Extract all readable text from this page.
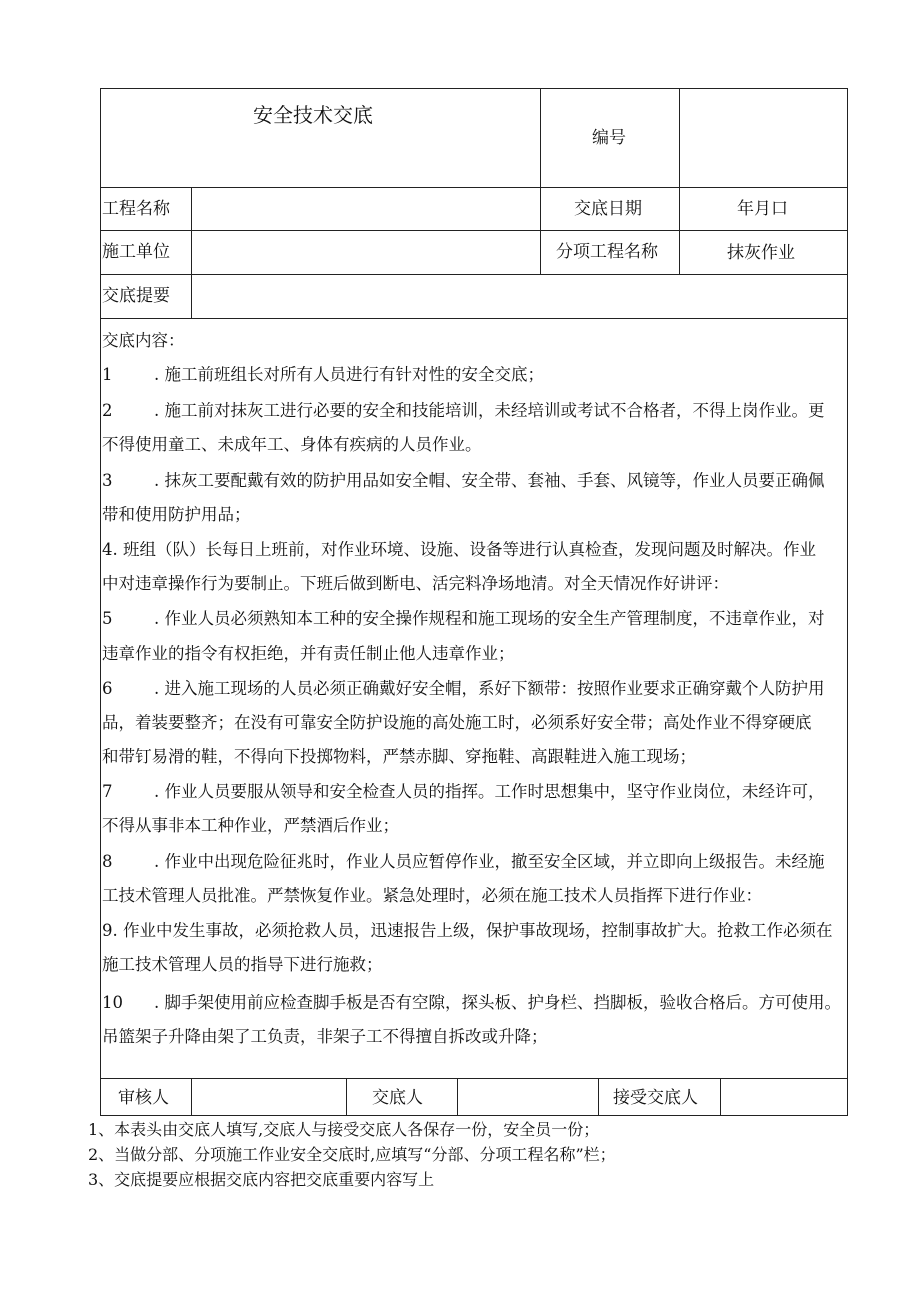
安全技术交底
编号
工程名称	交底日期	年月口
施工单位	分项工程名称	抹灰作业
交底提要
交底内容：
1	. 施工前班组长对所有人员进行有针对性的安全交底；
2	. 施工前对抹灰工进行必要的安全和技能培训，未经培训或考试不合格者，不得上岗作业。更
不得使用童工、未成年工、身体有疾病的人员作业。
3	. 抹灰工要配戴有效的防护用品如安全帽、安全带、套袖、手套、风镜等，作业人员要正确佩
带和使用防护用品；
4. 班组（队）长每日上班前，对作业环境、设施、设备等进行认真检查，发现问题及时解决。作业
中对违章操作行为要制止。下班后做到断电、活完料净场地清。对全天情况作好讲评：
5	. 作业人员必须熟知本工种的安全操作规程和施工现场的安全生产管理制度，不违章作业，对
违章作业的指令有权拒绝，并有责任制止他人违章作业；
6	. 进入施工现场的人员必须正确戴好安全帽，系好下额带：按照作业要求正确穿戴个人防护用
品，着装要整齐；在没有可靠安全防护设施的高处施工时，必须系好安全带；高处作业不得穿硬底
和带钉易滑的鞋，不得向下投掷物料，严禁赤脚、穿拖鞋、高跟鞋进入施工现场；
7	. 作业人员要服从领导和安全检查人员的指挥。工作时思想集中，坚守作业岗位，未经许可，
不得从事非本工种作业，严禁酒后作业；
8	. 作业中出现危险征兆时，作业人员应暂停作业，撤至安全区域，并立即向上级报告。未经施
工技术管理人员批准。严禁恢复作业。紧急处理时，必须在施工技术人员指挥下进行作业：
9. 作业中发生事故，必须抢救人员，迅速报告上级，保护事故现场，控制事故扩大。抢救工作必须在
施工技术管理人员的指导下进行施救；
10 . 脚手架使用前应检查脚手板是否有空隙，探头板、护身栏、挡脚板，验收合格后。方可使用。
吊篮架子升降由架了工负责，非架子工不得擅自拆改或升降；
审核人	交底人	接受交底人
1、本表头由交底人填写,交底人与接受交底人各保存一份，安全员一份；
2、当做分部、分项施工作业安全交底时,应填写“分部、分项工程名称”栏；
3、交底提要应根据交底内容把交底重要内容写上
